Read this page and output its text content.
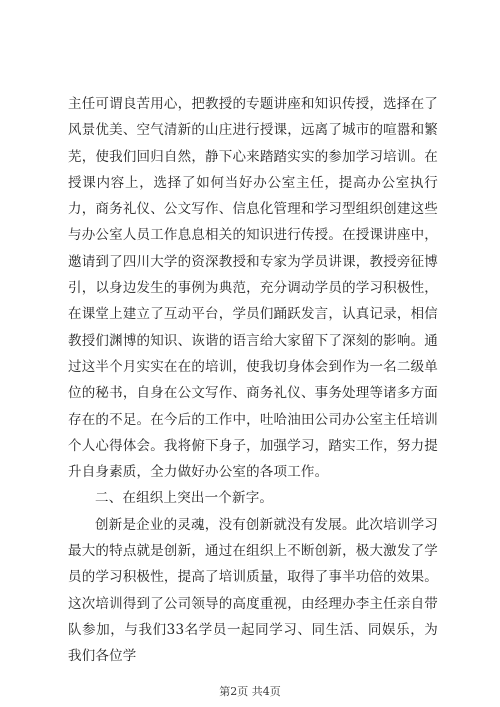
主任可谓良苦用心，把教授的专题讲座和知识传授，选择在了风景优美、空气清新的山庄进行授课，远离了城市的喧嚣和繁芜，使我们回归自然，静下心来踏踏实实的参加学习培训。在授课内容上，选择了如何当好办公室主任，提高办公室执行力，商务礼仪、公文写作、信息化管理和学习型组织创建这些与办公室人员工作息息相关的知识进行传授。在授课讲座中，邀请到了四川大学的资深教授和专家为学员讲课，教授旁征博引，以身边发生的事例为典范，充分调动学员的学习积极性，在课堂上建立了互动平台，学员们踊跃发言，认真记录，相信教授们渊博的知识、诙谐的语言给大家留下了深刻的影响。通过这半个月实实在在的培训，使我切身体会到作为一名二级单位的秘书，自身在公文写作、商务礼仪、事务处理等诸多方面存在的不足。在今后的工作中，吐哈油田公司办公室主任培训个人心得体会。我将俯下身子，加强学习，踏实工作，努力提升自身素质，全力做好办公室的各项工作。

二、在组织上突出一个新字。

创新是企业的灵魂，没有创新就没有发展。此次培训学习最大的特点就是创新，通过在组织上不断创新，极大激发了学员的学习积极性，提高了培训质量，取得了事半功倍的效果。这次培训得到了公司领导的高度重视，由经理办李主任亲自带队参加，与我们33名学员一起同学习、同生活、同娱乐，为我们各位学

第2页 共4页
